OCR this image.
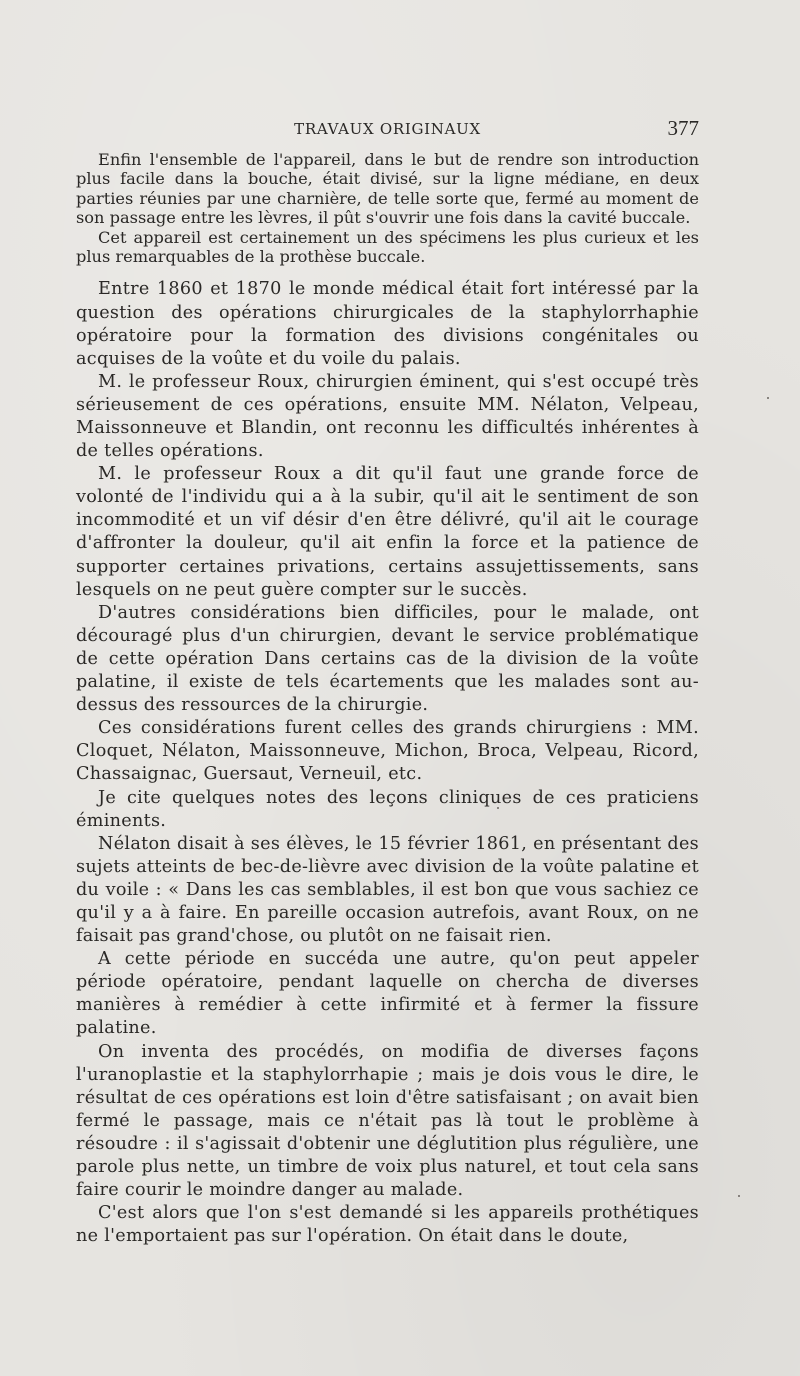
TRAVAUX ORIGINAUX	377

Enfin l'ensemble de l'appareil, dans le but de rendre son introduction plus facile dans la bouche, était divisé, sur la ligne médiane, en deux parties réunies par une charnière, de telle sorte que, fermé au moment de son passage entre les lèvres, il pût s'ouvrir une fois dans la cavité buccale.

Cet appareil est certainement un des spécimens les plus curieux et les plus remarquables de la prothèse buccale.

Entre 1860 et 1870 le monde médical était fort intéressé par la question des opérations chirurgicales de la staphylorrhaphie opératoire pour la formation des divisions congénitales ou acquises de la voûte et du voile du palais.

M. le professeur Roux, chirurgien éminent, qui s'est occupé très sérieusement de ces opérations, ensuite MM. Nélaton, Velpeau, Maissonneuve et Blandin, ont reconnu les difficultés inhérentes à de telles opérations.

M. le professeur Roux a dit qu'il faut une grande force de volonté de l'individu qui a à la subir, qu'il ait le sentiment de son incommodité et un vif désir d'en être délivré, qu'il ait le courage d'affronter la douleur, qu'il ait enfin la force et la patience de supporter certaines privations, certains assujettissements, sans lesquels on ne peut guère compter sur le succès.

D'autres considérations bien difficiles, pour le malade, ont découragé plus d'un chirurgien, devant le service problématique de cette opération Dans certains cas de la division de la voûte palatine, il existe de tels écartements que les malades sont au-dessus des ressources de la chirurgie.

Ces considérations furent celles des grands chirurgiens : MM. Cloquet, Nélaton, Maissonneuve, Michon, Broca, Velpeau, Ricord, Chassaignac, Guersaut, Verneuil, etc.

Je cite quelques notes des leçons cliniques de ces praticiens éminents.

Nélaton disait à ses élèves, le 15 février 1861, en présentant des sujets atteints de bec-de-lièvre avec division de la voûte palatine et du voile : « Dans les cas semblables, il est bon que vous sachiez ce qu'il y a à faire. En pareille occasion autrefois, avant Roux, on ne faisait pas grand'chose, ou plutôt on ne faisait rien.

A cette période en succéda une autre, qu'on peut appeler période opératoire, pendant laquelle on chercha de diverses manières à remédier à cette infirmité et à fermer la fissure palatine.

On inventa des procédés, on modifia de diverses façons l'uranoplastie et la staphylorrhapie ; mais je dois vous le dire, le résultat de ces opérations est loin d'être satisfaisant ; on avait bien fermé le passage, mais ce n'était pas là tout le problème à résoudre : il s'agissait d'obtenir une déglutition plus régulière, une parole plus nette, un timbre de voix plus naturel, et tout cela sans faire courir le moindre danger au malade.

C'est alors que l'on s'est demandé si les appareils prothétiques ne l'emportaient pas sur l'opération. On était dans le doute,
